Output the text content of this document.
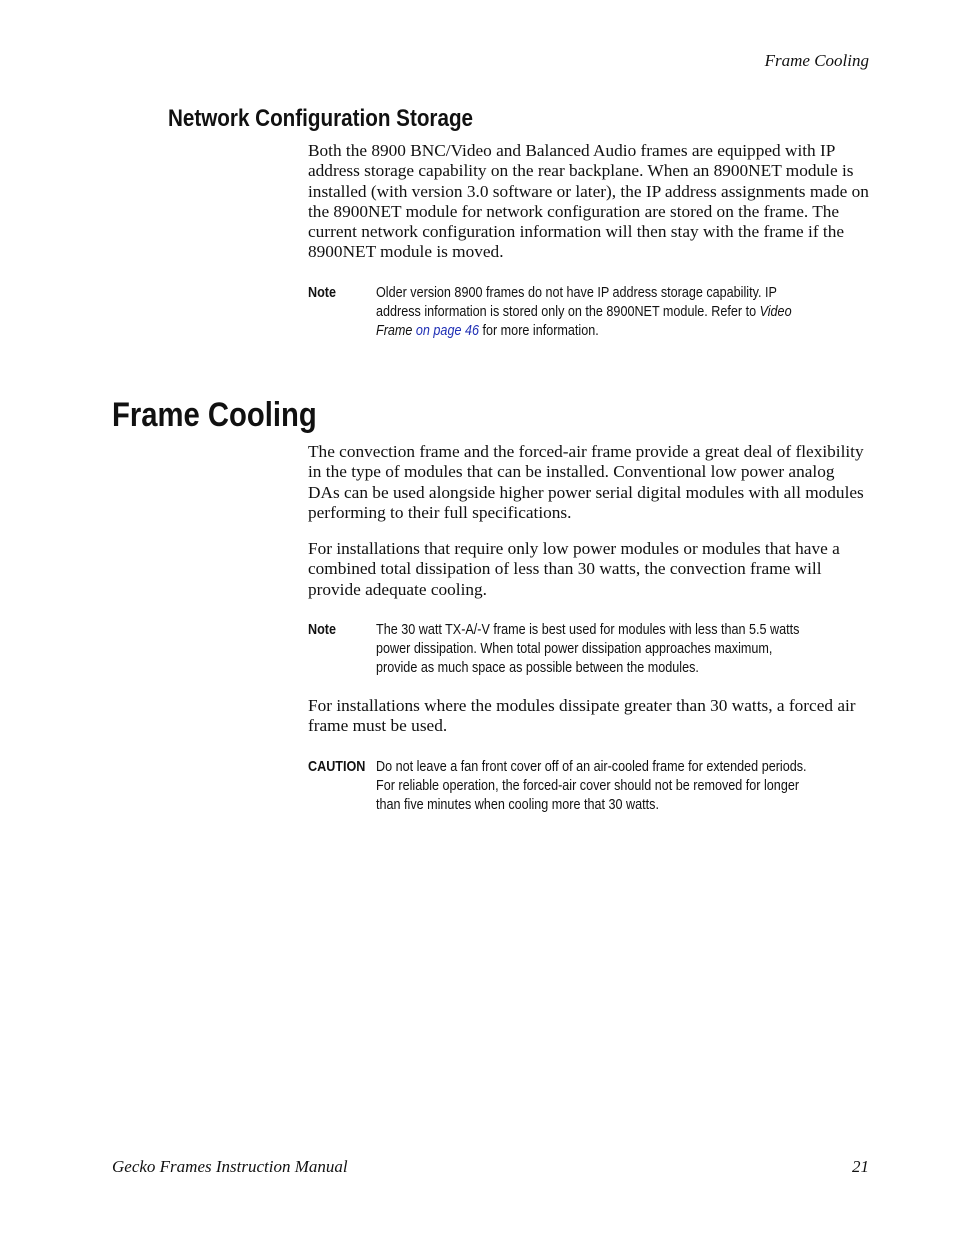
Frame Cooling
Network Configuration Storage

Both the 8900 BNC/Video and Balanced Audio frames are equipped with IP address storage capability on the rear backplane. When an 8900NET module is installed (with version 3.0 software or later), the IP address assignments made on the 8900NET module for network configuration are stored on the frame. The current network configuration information will then stay with the frame if the 8900NET module is moved.

Note	Older version 8900 frames do not have IP address storage capability. IP
address information is stored only on the 8900NET module. Refer to Video
Frame on page 46 for more information.
Frame Cooling

The convection frame and the forced-air frame provide a great deal of flexibility in the type of modules that can be installed. Conventional low power analog DAs can be used alongside higher power serial digital modules with all modules performing to their full specifications.

For installations that require only low power modules or modules that have a combined total dissipation of less than 30 watts, the convection frame will provide adequate cooling.

Note	The 30 watt TX-A/-V frame is best used for modules with less than 5.5 watts
power dissipation. When total power dissipation approaches maximum,
provide as much space as possible between the modules.

For installations where the modules dissipate greater than 30 watts, a forced air frame must be used.

CAUTION Do not leave a fan front cover off of an air-cooled frame for extended periods.
For reliable operation, the forced-air cover should not be removed for longer
than five minutes when cooling more that 30 watts.
Gecko Frames Instruction Manual	21
